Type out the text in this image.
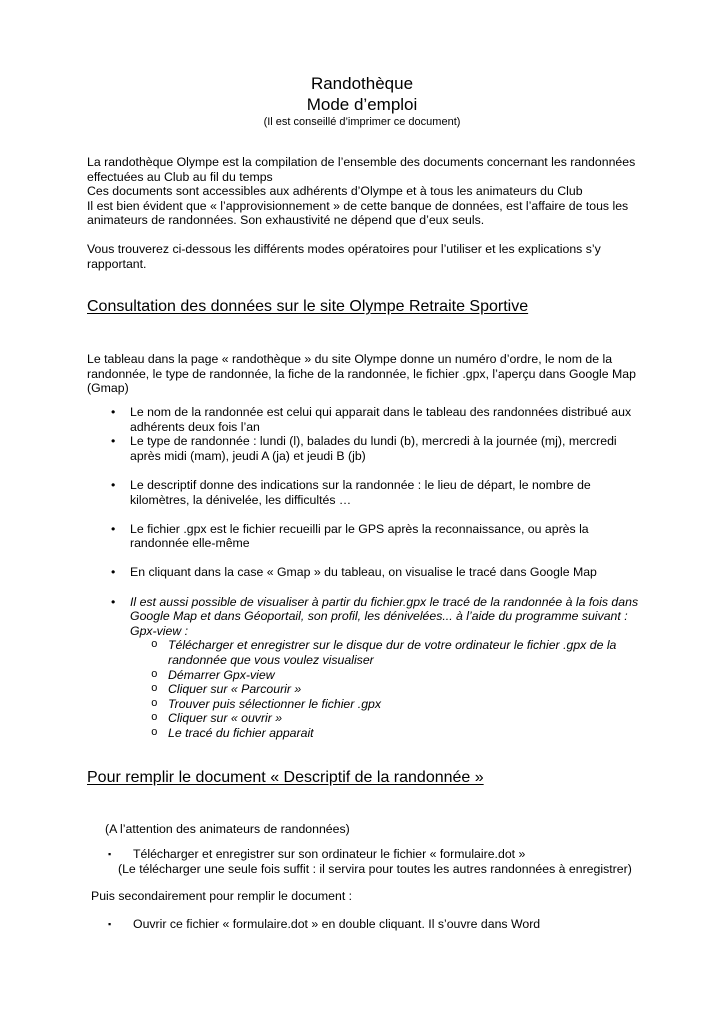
Randothèque
Mode d’emploi
(Il est conseillé d’imprimer ce document)
La randothèque Olympe est la compilation de l’ensemble des documents concernant les randonnées
effectuées au Club au fil du temps
Ces documents sont accessibles aux adhérents d’Olympe et à tous les animateurs du Club
Il est bien évident que « l’approvisionnement » de cette banque de données, est l’affaire de tous les
animateurs de randonnées. Son exhaustivité ne dépend que d’eux seuls.
Vous trouverez ci-dessous les différents modes opératoires pour l’utiliser et les explications s’y
rapportant.
Consultation des données sur le site Olympe Retraite Sportive
Le tableau dans la page « randothèque » du site Olympe donne un numéro d’ordre, le nom de la
randonnée, le type de randonnée, la fiche de la randonnée, le fichier .gpx, l’aperçu dans Google Map
(Gmap)
•	Le nom de la randonnée est celui qui apparait dans le tableau des randonnées distribué aux
adhérents deux fois l’an
•	Le type de randonnée : lundi (l), balades du lundi (b), mercredi à la journée (mj), mercredi
après midi (mam), jeudi A (ja) et jeudi B (jb)
•	Le descriptif donne des indications sur la randonnée : le lieu de départ, le nombre de
kilomètres, la dénivelée, les difficultés …
•	Le fichier .gpx est le fichier recueilli par le GPS après la reconnaissance, ou après la
randonnée elle-même
•	En cliquant dans la case « Gmap » du tableau, on visualise le tracé dans Google Map
•	Il est aussi possible de visualiser à partir du fichier.gpx le tracé de la randonnée à la fois dans
Google Map et dans Géoportail, son profil, les dénivelées... à l’aide du programme suivant :
Gpx-view :
o Télécharger et enregistrer sur le disque dur de votre ordinateur le fichier .gpx de la
randonnée que vous voulez visualiser
o Démarrer Gpx-view
o Cliquer sur « Parcourir »
o Trouver puis sélectionner le fichier .gpx
o Cliquer sur « ouvrir »
o Le tracé du fichier apparait
Pour remplir le document « Descriptif de la randonnée »
(A l’attention des animateurs de randonnées)
▪	Télécharger et enregistrer sur son ordinateur le fichier « formulaire.dot »
(Le télécharger une seule fois suffit : il servira pour toutes les autres randonnées à enregistrer)
Puis secondairement pour remplir le document :
▪	Ouvrir ce fichier « formulaire.dot » en double cliquant. Il s’ouvre dans Word
